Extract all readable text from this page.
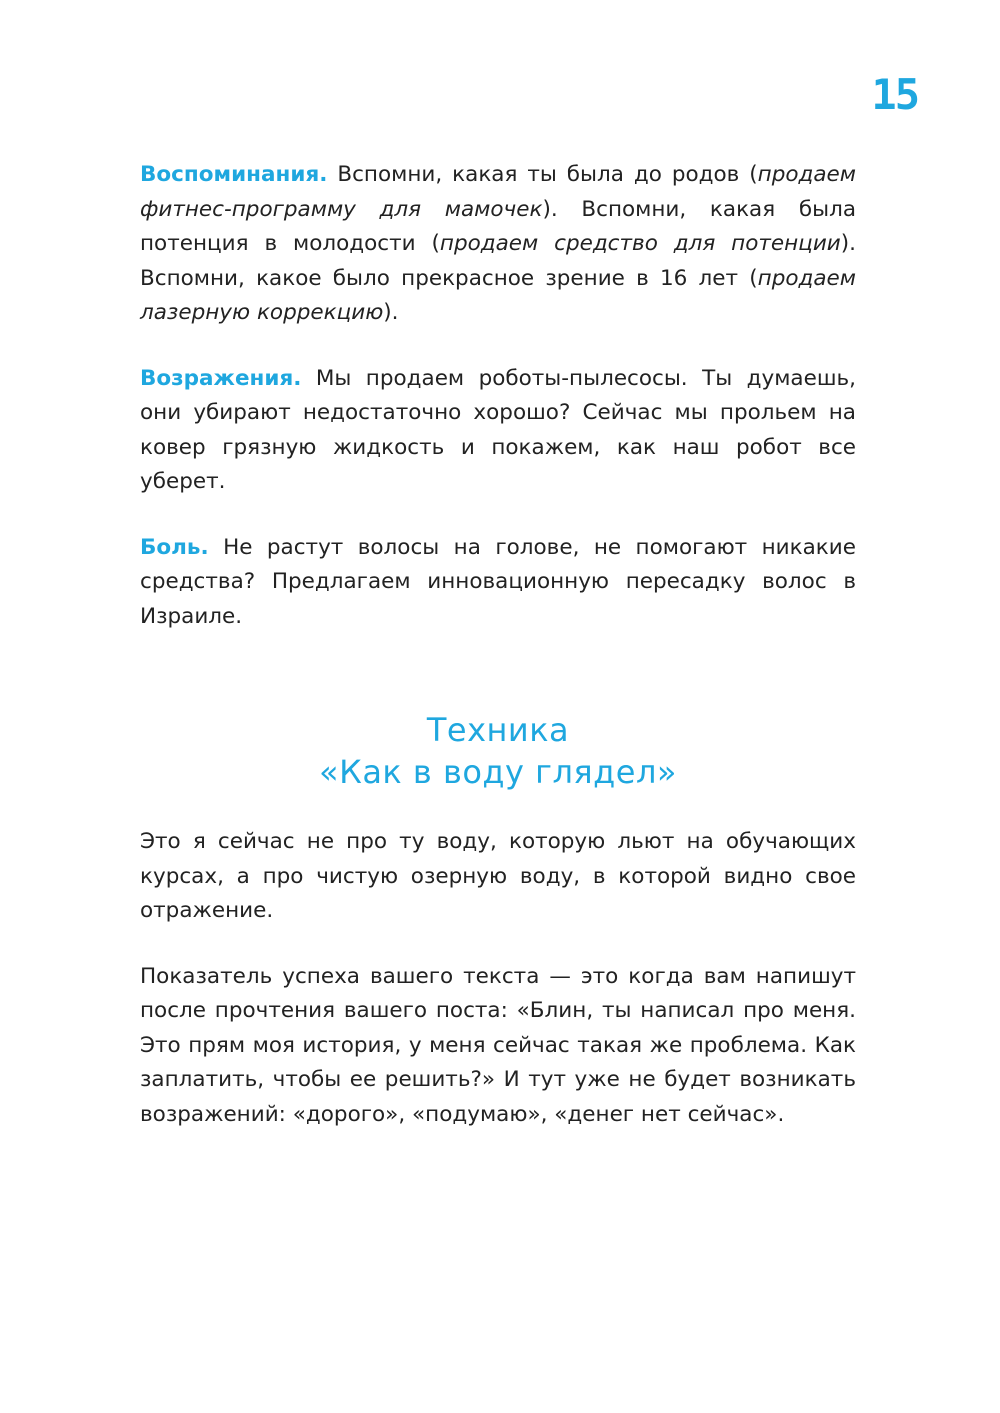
15

Воспоминания. Вспомни, какая ты была до родов (продаем фитнес-программу для мамочек). Вспомни, какая была потенция в молодости (продаем средство для потенции). Вспомни, какое было прекрасное зрение в 16 лет (продаем лазерную коррекцию).

Возражения. Мы продаем роботы-пылесосы. Ты думаешь, они убирают недостаточно хорошо? Сейчас мы прольем на ковер грязную жидкость и покажем, как наш робот все уберет.

Боль. Не растут волосы на голове, не помогают никакие средства? Предлагаем инновационную пересадку волос в Израиле.

Техника
«Как в воду глядел»

Это я сейчас не про ту воду, которую льют на обучающих курсах, а про чистую озерную воду, в которой видно свое отражение.

Показатель успеха вашего текста — это когда вам напишут после прочтения вашего поста: «Блин, ты написал про меня. Это прям моя история, у меня сейчас такая же проблема. Как заплатить, чтобы ее решить?» И тут уже не будет возникать возражений: «дорого», «подумаю», «денег нет сейчас».
